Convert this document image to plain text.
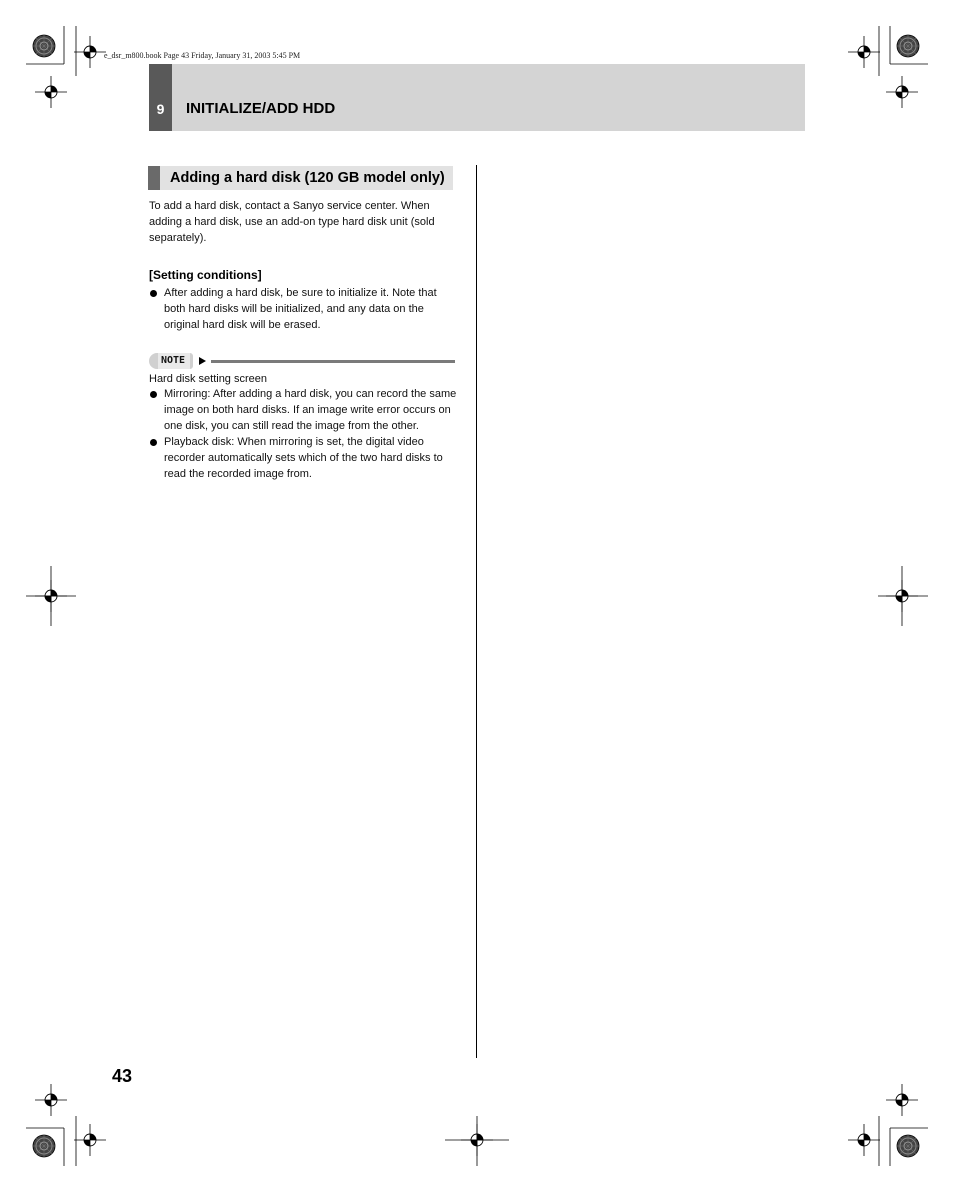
e_dsr_m800.book Page 43 Friday, January 31, 2003 5:45 PM
9	INITIALIZE/ADD HDD
Adding a hard disk (120 GB model only)
To add a hard disk, contact a Sanyo service center. When adding a hard disk, use an add-on type hard disk unit (sold separately).
[Setting conditions]
After adding a hard disk, be sure to initialize it. Note that both hard disks will be initialized, and any data on the original hard disk will be erased.
NOTE
Hard disk setting screen
Mirroring: After adding a hard disk, you can record the same image on both hard disks. If an image write error occurs on one disk, you can still read the image from the other.
Playback disk: When mirroring is set, the digital video recorder automatically sets which of the two hard disks to read the recorded image from.
43
